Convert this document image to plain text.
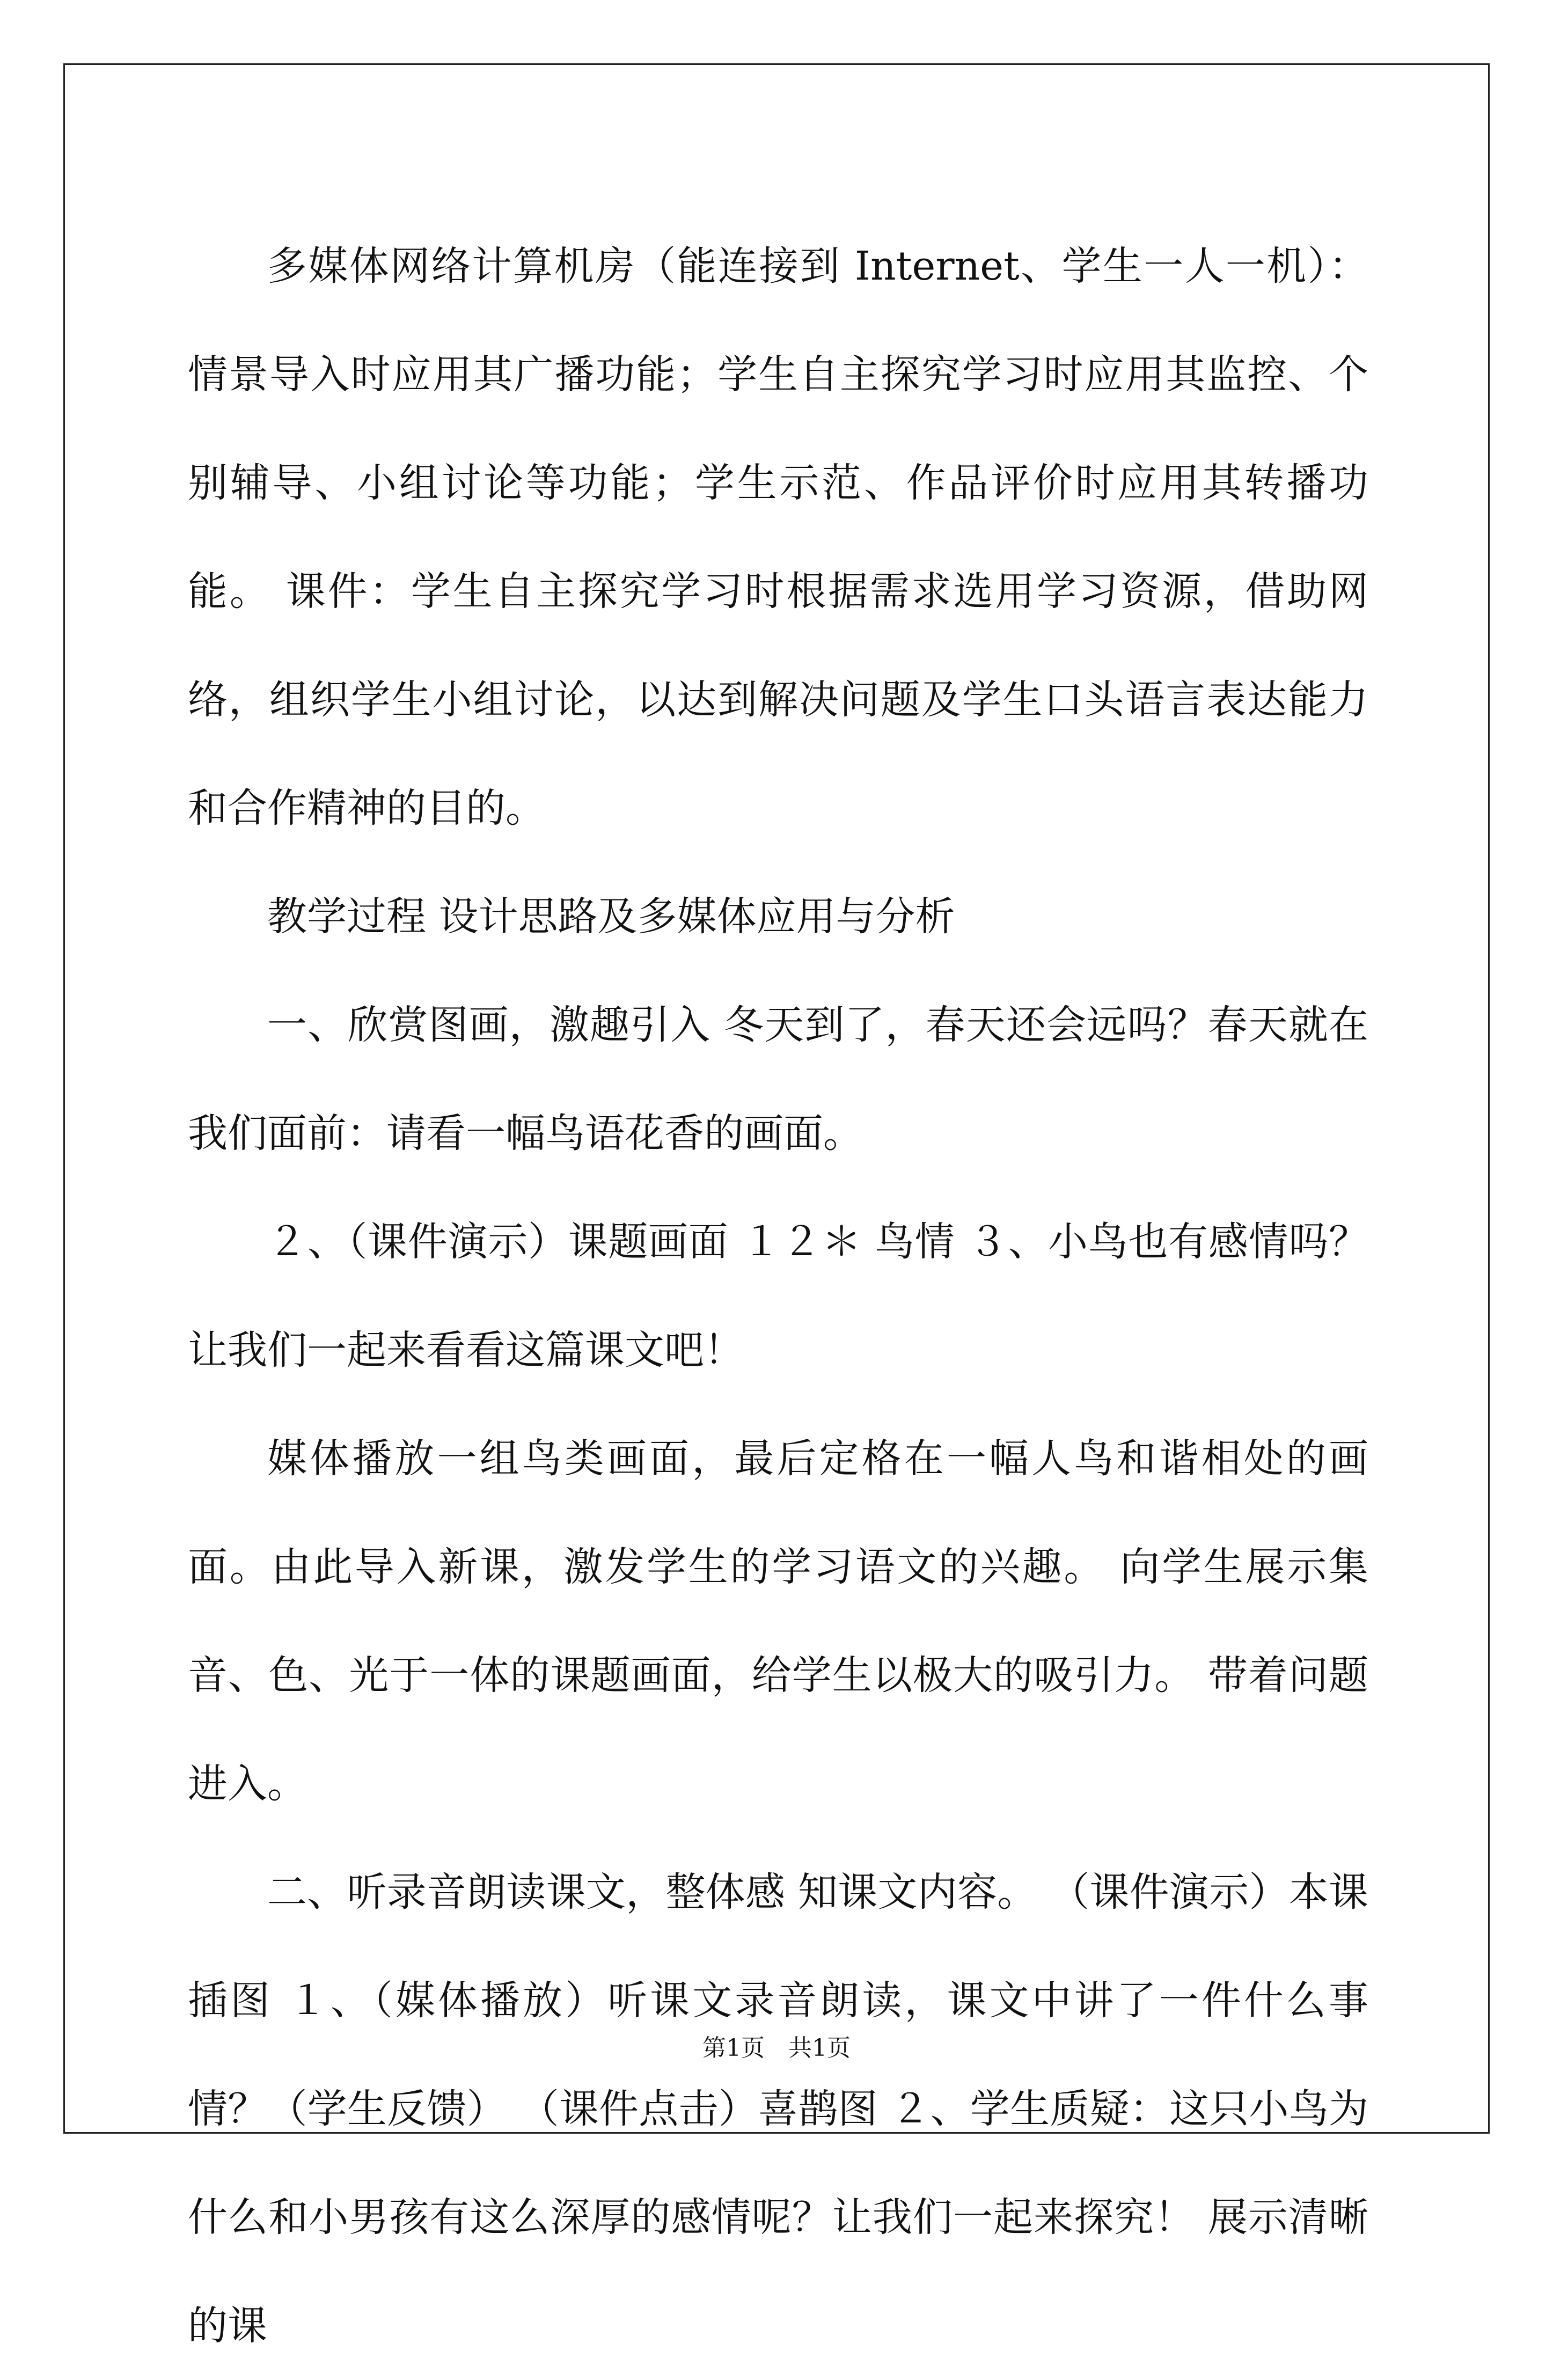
多媒体网络计算机房（能连接到 Internet、学生一人一机）：情景导入时应用其广播功能；学生自主探究学习时应用其监控、个别辅导、小组讨论等功能；学生示范、作品评价时应用其转播功能。 课件：学生自主探究学习时根据需求选用学习资源，借助网络，组织学生小组讨论，以达到解决问题及学生口头语言表达能力和合作精神的目的。

教学过程 设计思路及多媒体应用与分析

一、欣赏图画，激趣引入 冬天到了，春天还会远吗？春天就在我们面前：请看一幅鸟语花香的画面。

２、（课件演示）课题画面 １２＊ 鸟情 ３、小鸟也有感情吗？让我们一起来看看这篇课文吧！

媒体播放一组鸟类画面，最后定格在一幅人鸟和谐相处的画面。由此导入新课，激发学生的学习语文的兴趣。 向学生展示集音、色、光于一体的课题画面，给学生以极大的吸引力。 带着问题进入。

二、听录音朗读课文，整体感 知课文内容。 （课件演示）本课插图 １、（媒体播放）听课文录音朗读，课文中讲了一件什么事情？（学生反馈） （课件点击）喜鹊图 ２、学生质疑：这只小鸟为什么和小男孩有这么深厚的感情呢？让我们一起来探究！ 展示清晰的课

第1页 共1页
